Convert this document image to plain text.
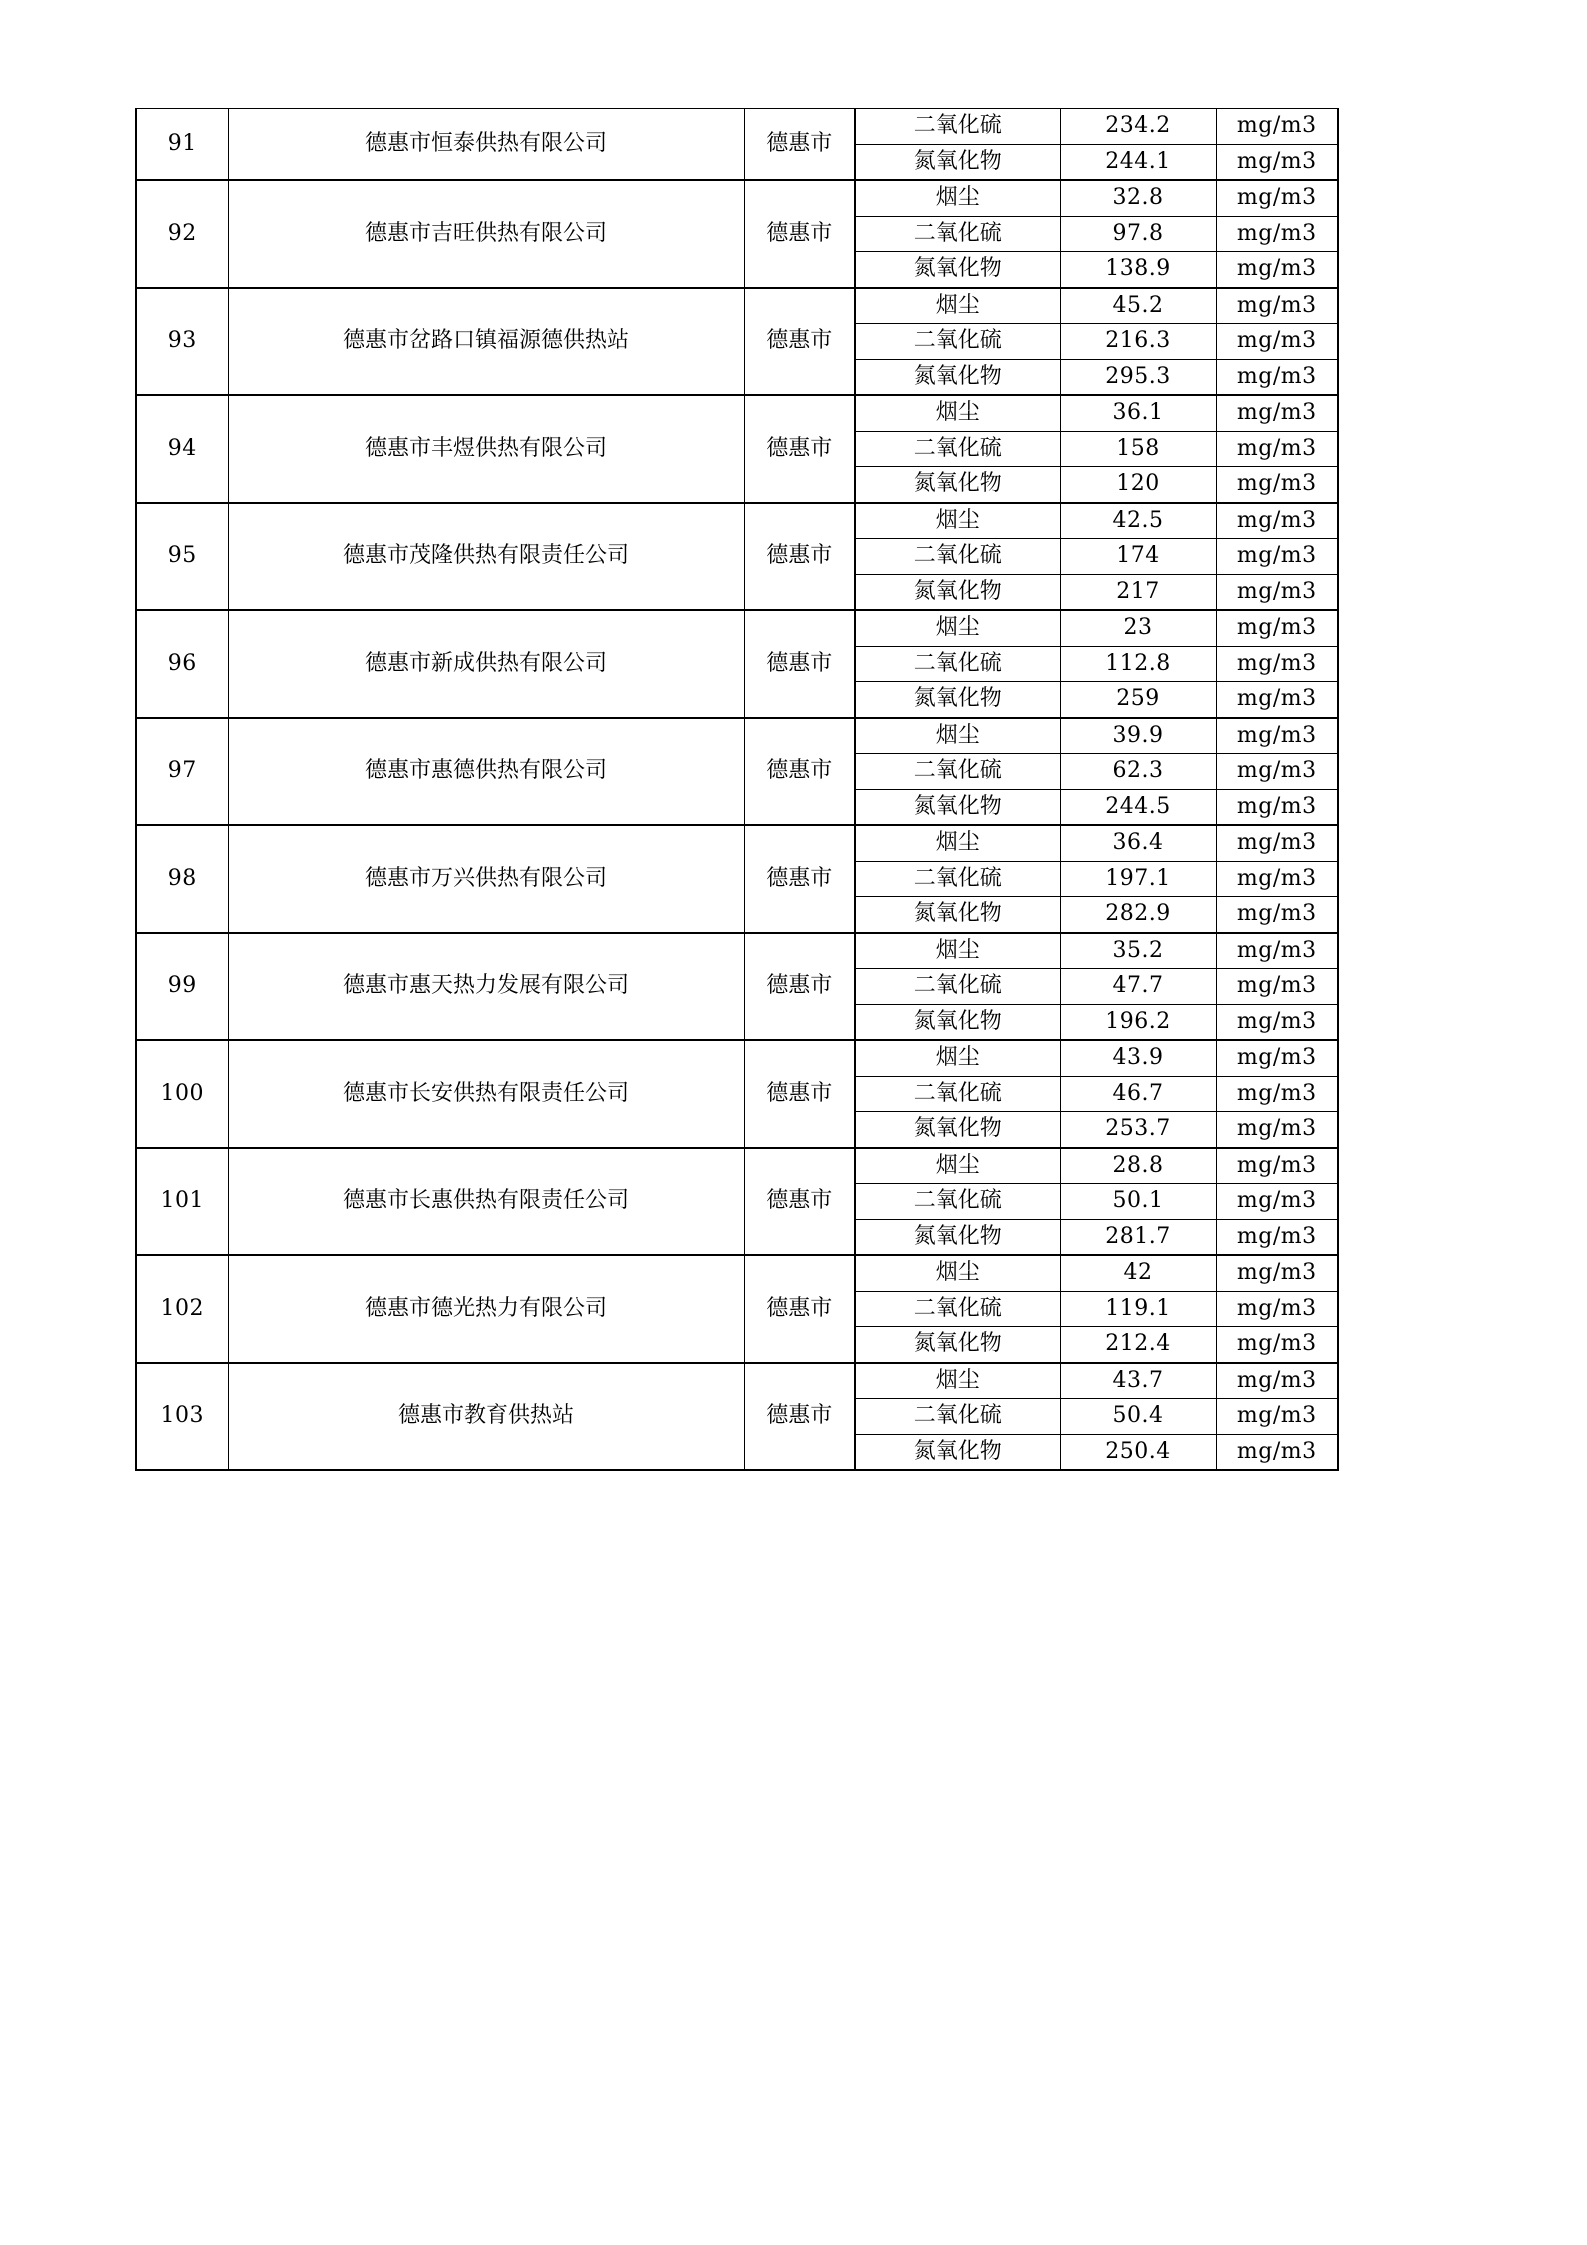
91	德惠市恒泰供热有限公司	德惠市	二氧化硫	234.2	mg/m3
			氮氧化物	244.1	mg/m3
92	德惠市吉旺供热有限公司	德惠市	烟尘	32.8	mg/m3
			二氧化硫	97.8	mg/m3
			氮氧化物	138.9	mg/m3
93	德惠市岔路口镇福源德供热站	德惠市	烟尘	45.2	mg/m3
			二氧化硫	216.3	mg/m3
			氮氧化物	295.3	mg/m3
94	德惠市丰煜供热有限公司	德惠市	烟尘	36.1	mg/m3
			二氧化硫	158	mg/m3
			氮氧化物	120	mg/m3
95	德惠市茂隆供热有限责任公司	德惠市	烟尘	42.5	mg/m3
			二氧化硫	174	mg/m3
			氮氧化物	217	mg/m3
96	德惠市新成供热有限公司	德惠市	烟尘	23	mg/m3
			二氧化硫	112.8	mg/m3
			氮氧化物	259	mg/m3
97	德惠市惠德供热有限公司	德惠市	烟尘	39.9	mg/m3
			二氧化硫	62.3	mg/m3
			氮氧化物	244.5	mg/m3
98	德惠市万兴供热有限公司	德惠市	烟尘	36.4	mg/m3
			二氧化硫	197.1	mg/m3
			氮氧化物	282.9	mg/m3
99	德惠市惠天热力发展有限公司	德惠市	烟尘	35.2	mg/m3
			二氧化硫	47.7	mg/m3
			氮氧化物	196.2	mg/m3
100	德惠市长安供热有限责任公司	德惠市	烟尘	43.9	mg/m3
			二氧化硫	46.7	mg/m3
			氮氧化物	253.7	mg/m3
101	德惠市长惠供热有限责任公司	德惠市	烟尘	28.8	mg/m3
			二氧化硫	50.1	mg/m3
			氮氧化物	281.7	mg/m3
102	德惠市德光热力有限公司	德惠市	烟尘	42	mg/m3
			二氧化硫	119.1	mg/m3
			氮氧化物	212.4	mg/m3
103	德惠市教育供热站	德惠市	烟尘	43.7	mg/m3
			二氧化硫	50.4	mg/m3
			氮氧化物	250.4	mg/m3
